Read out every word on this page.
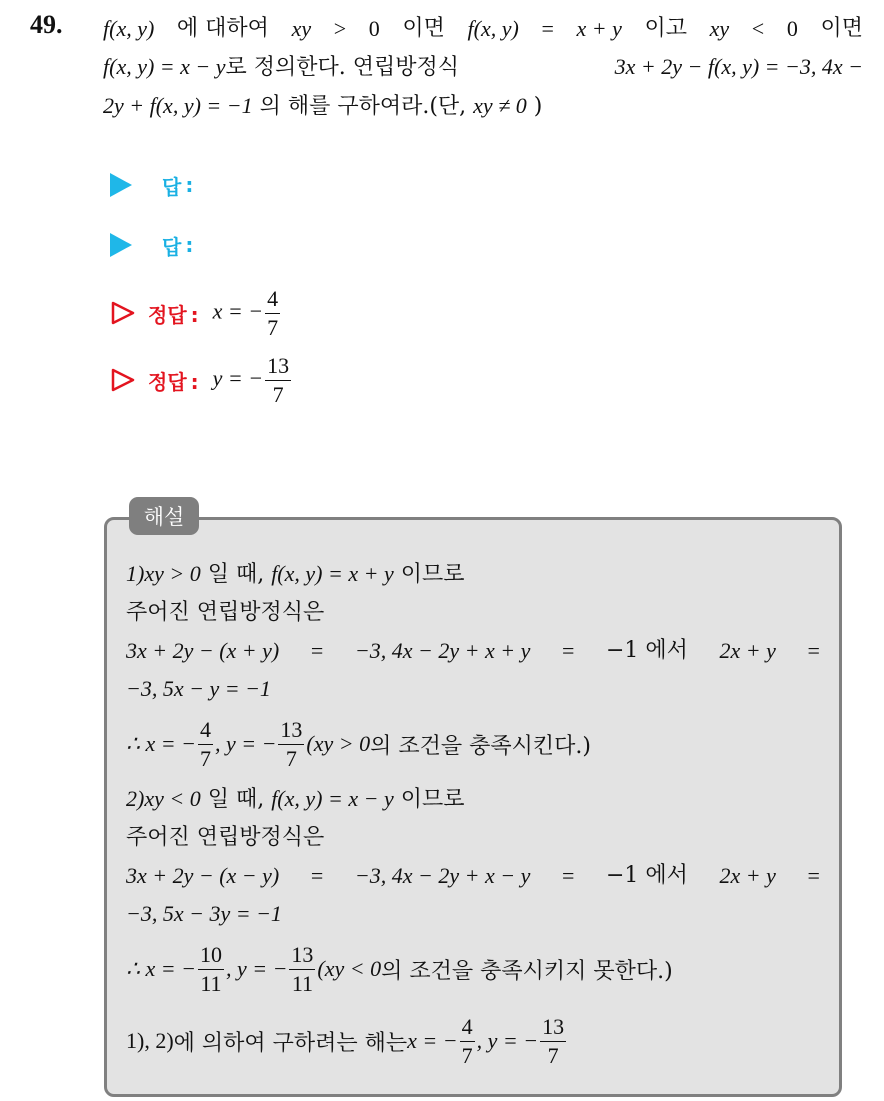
49. f(x, y) 에 대하여 xy > 0 이면 f(x, y) = x + y 이고 xy < 0 이면
f(x, y) = x − y로 정의한다. 연립방정식	3x + 2y − f(x, y) = −3, 4x −
2y + f(x, y) = −1 의 해를 구하여라.(단, xy ≠ 0 )
답 :
답 :
정답 : x = − $\frac{4}{7}$
정답 : y = − $\frac{13}{7}$
해설
1)xy > 0 일 때, f(x, y) = x + y 이므로
주어진 연립방정식은
3x + 2y − (x + y) = −3, 4x − 2y + x + y = −1 에서 2x + y =
−3, 5x − y = −1
∴ x = − $\frac{4}{7}$ , y = − $\frac{13}{7} (xy > 0$ 의 조건을 충족시킨다.)
2)xy < 0 일 때, f(x, y) = x − y 이므로
주어진 연립방정식은
3x + 2y − (x − y) = −3, 4x − 2y + x − y = −1 에서 2x + y =
−3, 5x − 3y = −1
∴ x = − $\frac{10}{11}$ , y = − $\frac{13}{11} (xy < 0$ 의 조건을 충족시키지 못한다.)
1), 2) 에 의하여 구하려는 해는 x = − $\frac{4}{7}$ , y = − $\frac{13}{7}$
